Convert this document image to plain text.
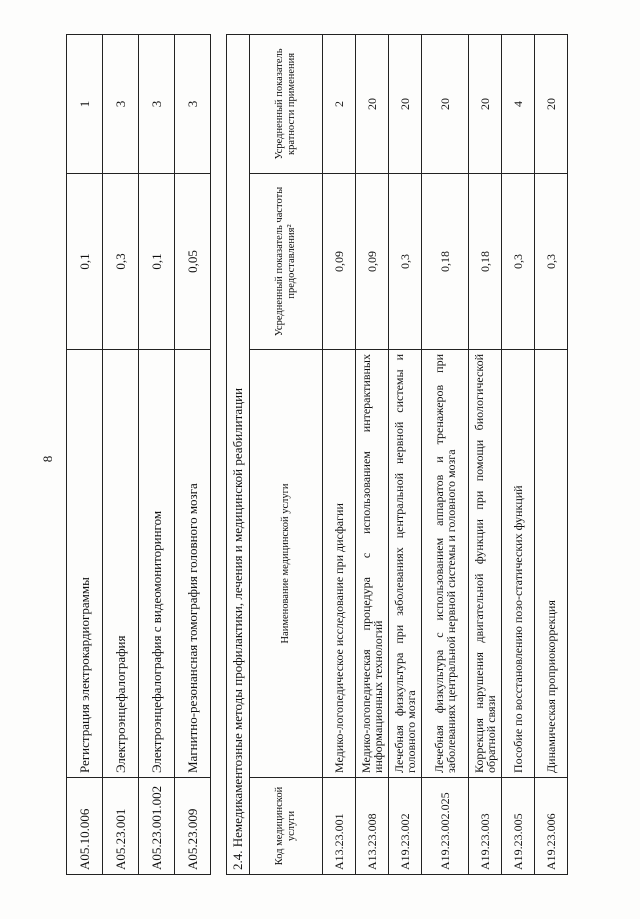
8
A05.10.006	Регистрация электрокардиограммы	0,1	1
A05.23.001	Электроэнцефалография	0,3	3
A05.23.001.002	Электроэнцефалография с видеомониторингом	0,1	3
A05.23.009	Магнитно-резонансная томография головного мозга	0,05	3
2.4. Немедикаментозные методы профилактики, лечения и медицинской реабилитации			
Код медицинской услуги	Наименование медицинской услуги	Усредненный показатель частоты предоставления²	Усредненный показатель кратности применения
A13.23.001	Медико-логопедическое исследование при дисфагии	0,09	2
A13.23.008	Медико-логопедическая процедура с использованием интерактивных информационных технологий	0,09	20
A19.23.002	Лечебная физкультура при заболеваниях центральной нервной системы и головного мозга	0,3	20
A19.23.002.025	Лечебная физкультура с использованием аппаратов и тренажеров при заболеваниях центральной нервной системы и головного мозга	0,18	20
A19.23.003	Коррекция нарушения двигательной функции при помощи биологической обратной связи	0,18	20
A19.23.005	Пособие по восстановлению позо-статических функций	0,3	4
A19.23.006	Динамическая проприокоррекция	0,3	20
